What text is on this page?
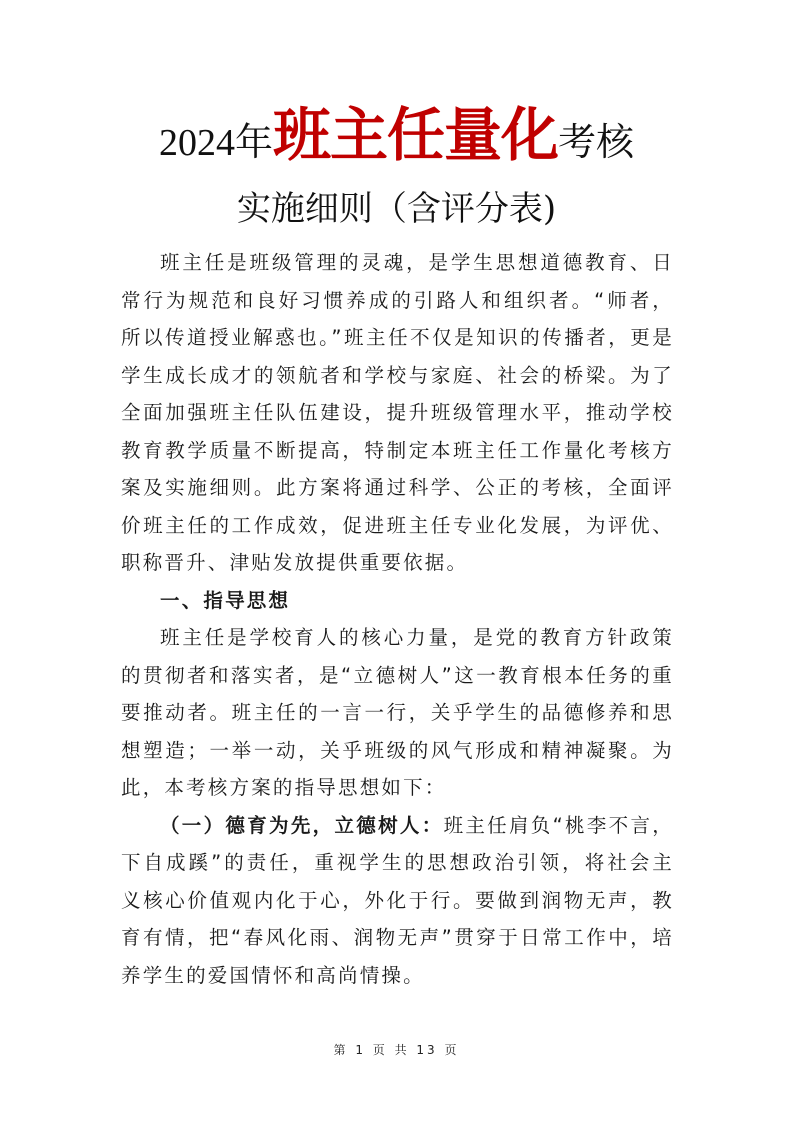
2024年班主任量化考核
实施细则（含评分表)

班主任是班级管理的灵魂，是学生思想道德教育、日常行为规范和良好习惯养成的引路人和组织者。“师者，所以传道授业解惑也。”班主任不仅是知识的传播者，更是学生成长成才的领航者和学校与家庭、社会的桥梁。为了全面加强班主任队伍建设，提升班级管理水平，推动学校教育教学质量不断提高，特制定本班主任工作量化考核方案及实施细则。此方案将通过科学、公正的考核，全面评价班主任的工作成效，促进班主任专业化发展，为评优、职称晋升、津贴发放提供重要依据。

一、指导思想

班主任是学校育人的核心力量，是党的教育方针政策的贯彻者和落实者，是“立德树人”这一教育根本任务的重要推动者。班主任的一言一行，关乎学生的品德修养和思想塑造；一举一动，关乎班级的风气形成和精神凝聚。为此，本考核方案的指导思想如下：

（一）德育为先，立德树人：班主任肩负“桃李不言，下自成蹊”的责任，重视学生的思想政治引领，将社会主义核心价值观内化于心，外化于行。要做到润物无声，教育有情，把“春风化雨、润物无声”贯穿于日常工作中，培养学生的爱国情怀和高尚情操。

第 1 页 共 13 页
